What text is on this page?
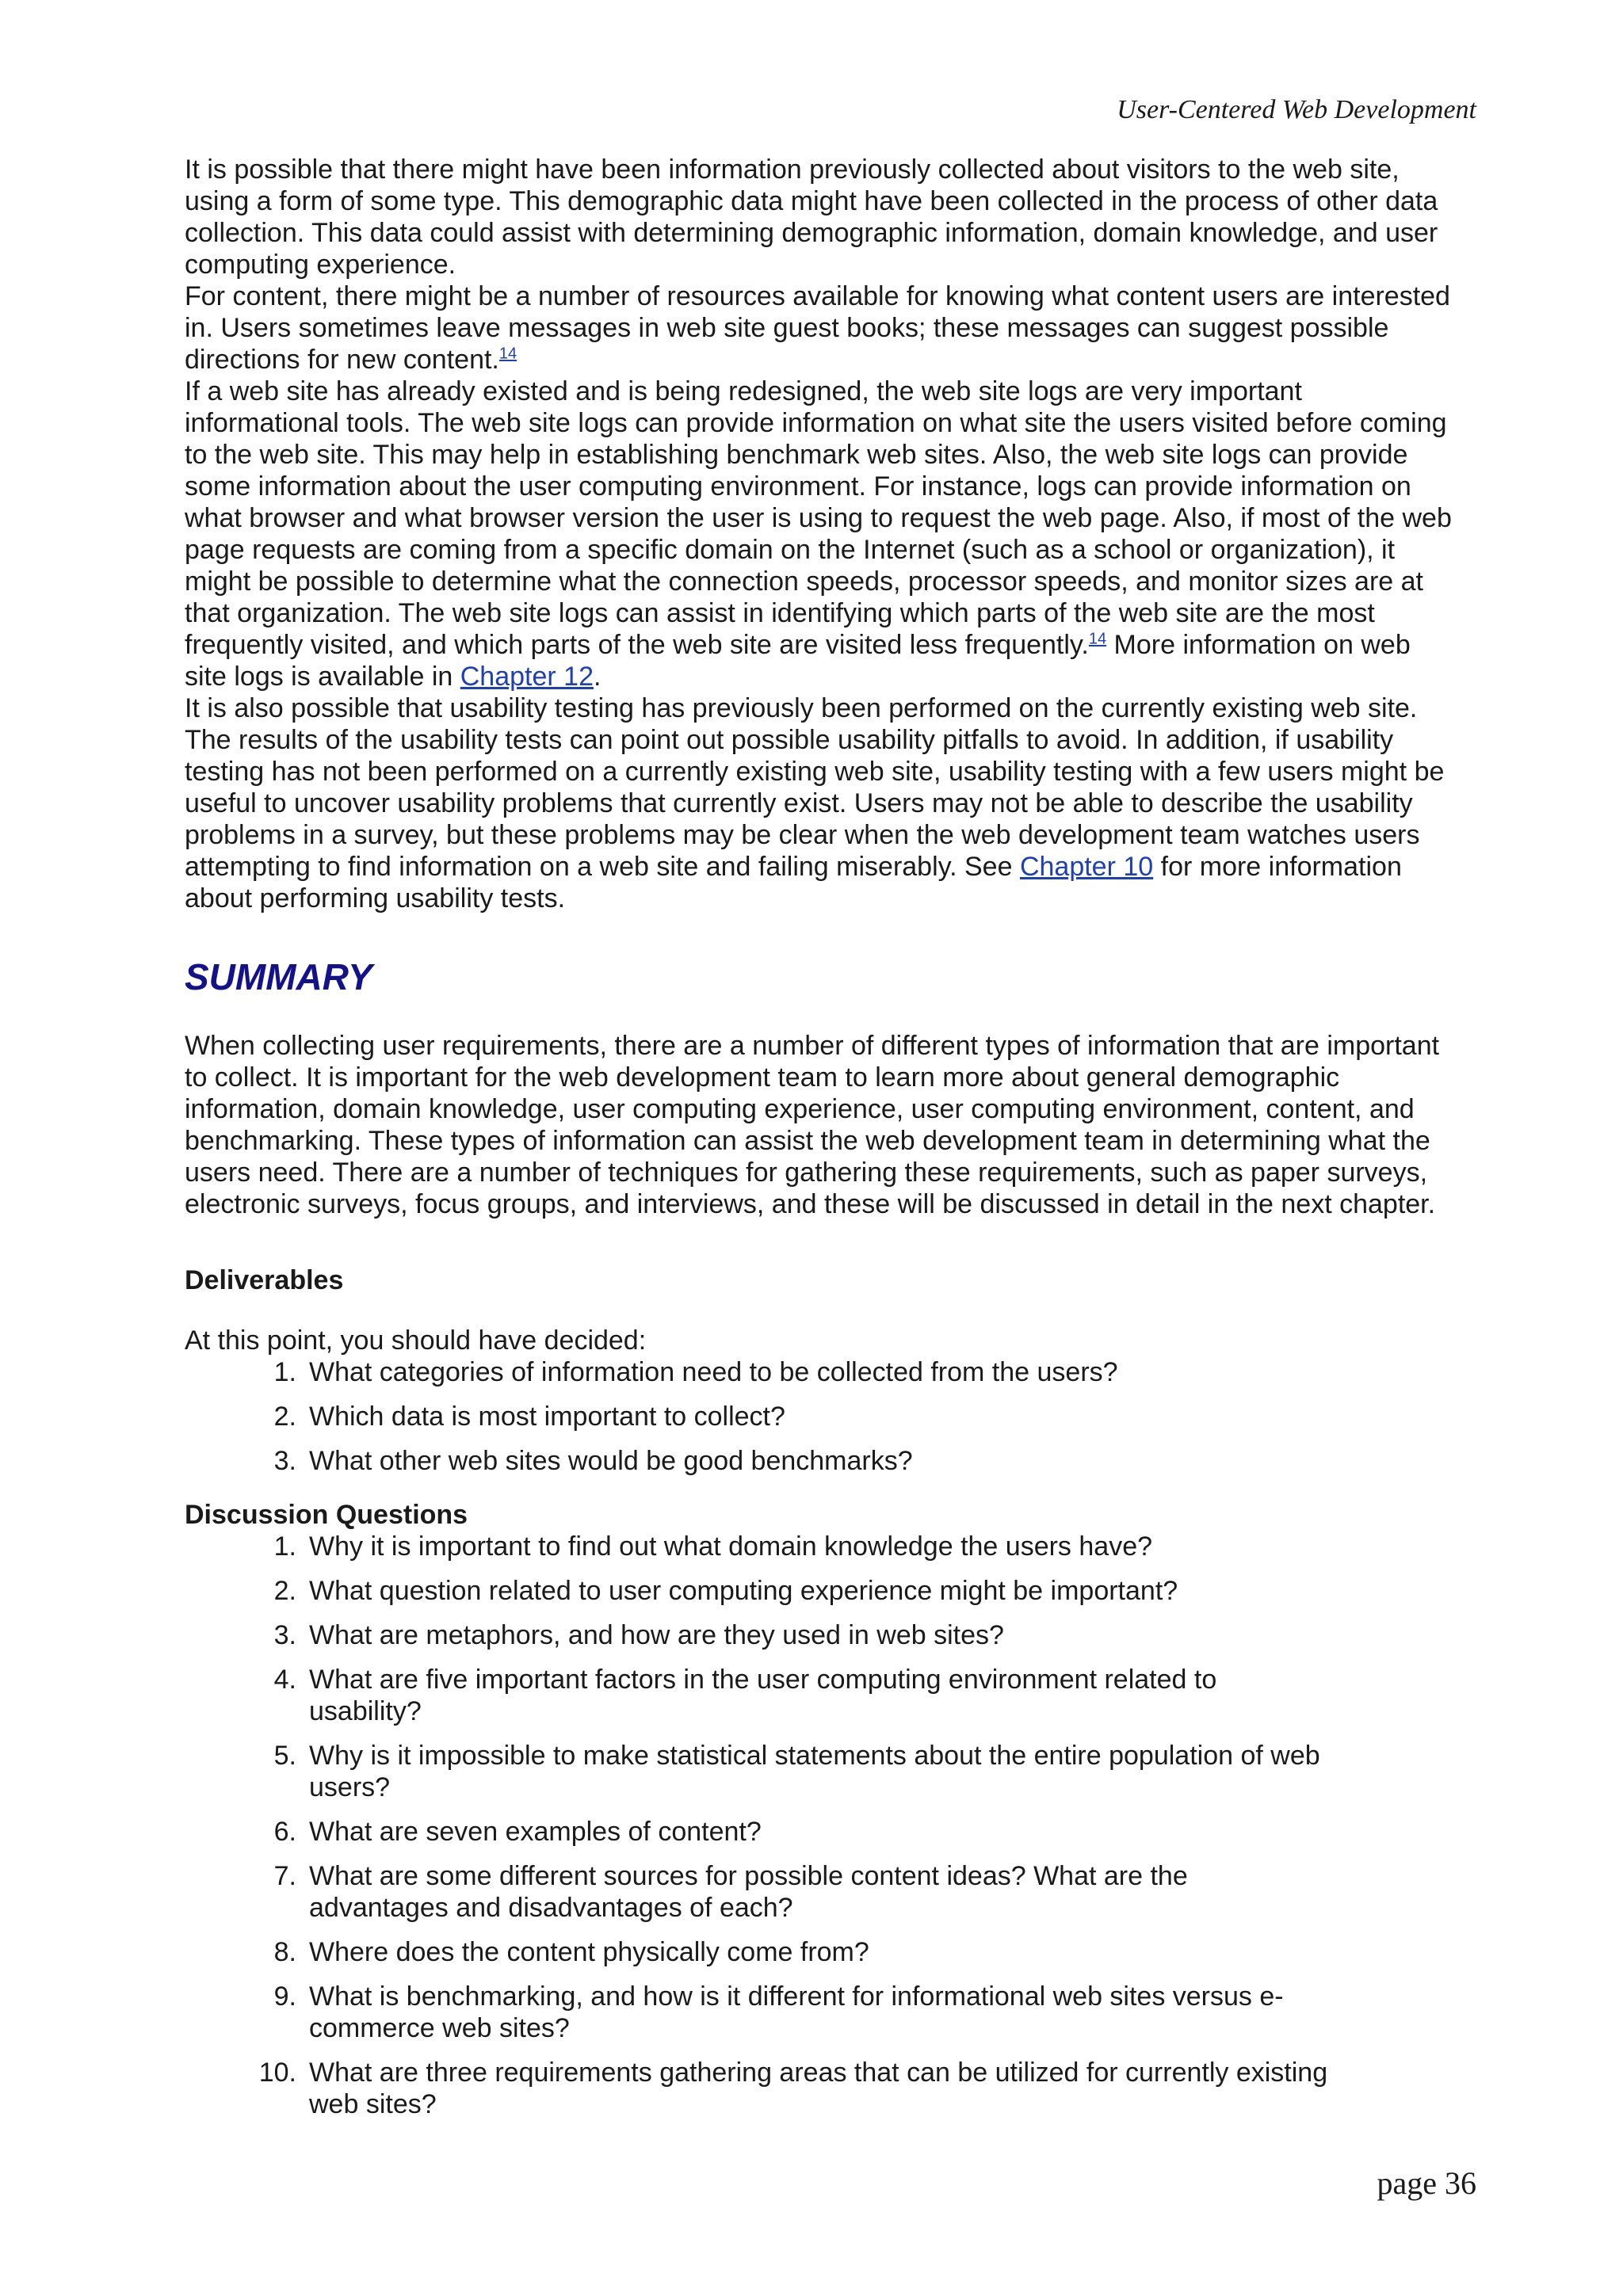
User-Centered Web Development

It is possible that there might have been information previously collected about visitors to the web site, using a form of some type. This demographic data might have been collected in the process of other data collection. This data could assist with determining demographic information, domain knowledge, and user computing experience.

For content, there might be a number of resources available for knowing what content users are interested in. Users sometimes leave messages in web site guest books; these messages can suggest possible directions for new content.$^{14}$

If a web site has already existed and is being redesigned, the web site logs are very important informational tools. The web site logs can provide information on what site the users visited before coming to the web site. This may help in establishing benchmark web sites. Also, the web site logs can provide some information about the user computing environment. For instance, logs can provide information on what browser and what browser version the user is using to request the web page. Also, if most of the web page requests are coming from a specific domain on the Internet (such as a school or organization), it might be possible to determine what the connection speeds, processor speeds, and monitor sizes are at that organization. The web site logs can assist in identifying which parts of the web site are the most frequently visited, and which parts of the web site are visited less frequently.$^{14}$ More information on web site logs is available in Chapter 12.

It is also possible that usability testing has previously been performed on the currently existing web site. The results of the usability tests can point out possible usability pitfalls to avoid. In addition, if usability testing has not been performed on a currently existing web site, usability testing with a few users might be useful to uncover usability problems that currently exist. Users may not be able to describe the usability problems in a survey, but these problems may be clear when the web development team watches users attempting to find information on a web site and failing miserably. See Chapter 10 for more information about performing usability tests.

SUMMARY

When collecting user requirements, there are a number of different types of information that are important to collect. It is important for the web development team to learn more about general demographic information, domain knowledge, user computing experience, user computing environment, content, and benchmarking. These types of information can assist the web development team in determining what the users need. There are a number of techniques for gathering these requirements, such as paper surveys, electronic surveys, focus groups, and interviews, and these will be discussed in detail in the next chapter.

Deliverables

At this point, you should have decided:

1. What categories of information need to be collected from the users?
2. Which data is most important to collect?
3. What other web sites would be good benchmarks?

Discussion Questions

1. Why it is important to find out what domain knowledge the users have?
2. What question related to user computing experience might be important?
3. What are metaphors, and how are they used in web sites?
4. What are five important factors in the user computing environment related to usability?
5. Why is it impossible to make statistical statements about the entire population of web users?
6. What are seven examples of content?
7. What are some different sources for possible content ideas? What are the advantages and disadvantages of each?
8. Where does the content physically come from?
9. What is benchmarking, and how is it different for informational web sites versus e-commerce web sites?
10. What are three requirements gathering areas that can be utilized for currently existing web sites?
page 36
